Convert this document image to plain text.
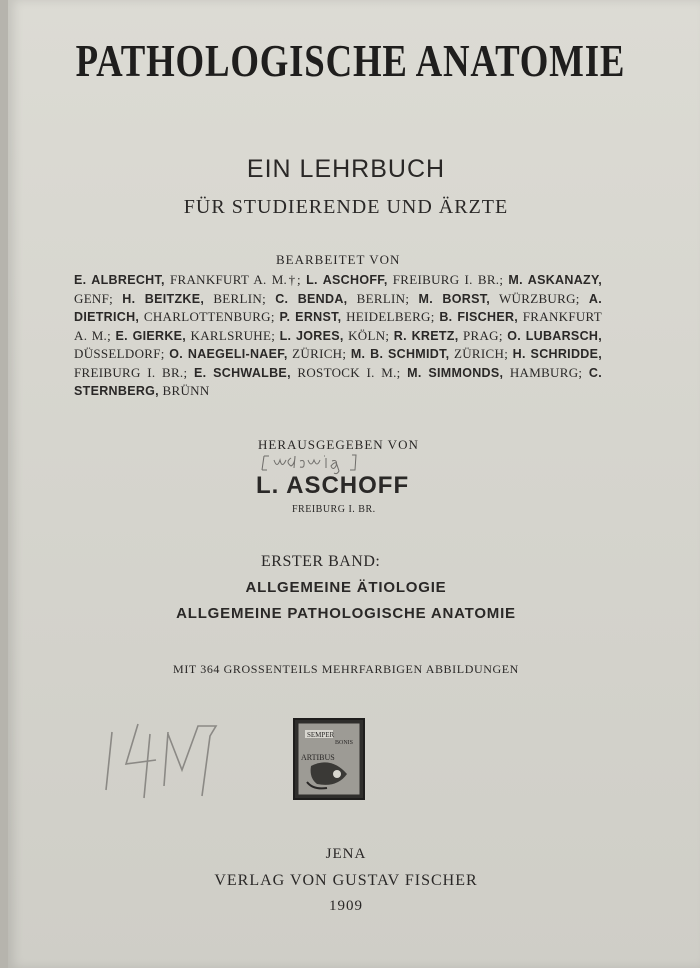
PATHOLOGISCHE ANATOMIE
EIN LEHRBUCH
FÜR STUDIERENDE UND ÄRZTE
BEARBEITET VON
E. ALBRECHT, FRANKFURT A. M.†; L. ASCHOFF, FREIBURG I. BR.; M. ASKANAZY, GENF; H. BEITZKE, BERLIN; C. BENDA, BERLIN; M. BORST, WÜRZBURG; A. DIETRICH, CHARLOTTENBURG; P. ERNST, HEIDELBERG; B. FISCHER, FRANKFURT A. M.; E. GIERKE, KARLSRUHE; L. JORES, KÖLN; R. KRETZ, PRAG; O. LUBARSCH, DÜSSELDORF; O. NAEGELI-NAEF, ZÜRICH; M. B. SCHMIDT, ZÜRICH; H. SCHRIDDE, FREIBURG I. BR.; E. SCHWALBE, ROSTOCK I. M.; M. SIMMONDS, HAMBURG; C. STERNBERG, BRÜNN
HERAUSGEGEBEN VON
L. ASCHOFF
FREIBURG I. BR.
ERSTER BAND:
ALLGEMEINE ÄTIOLOGIE
ALLGEMEINE PATHOLOGISCHE ANATOMIE
MIT 364 GROSSENTEILS MEHRFARBIGEN ABBILDUNGEN
SEMPER
BONIS
ARTIBUS
JENA
VERLAG VON GUSTAV FISCHER
1909
